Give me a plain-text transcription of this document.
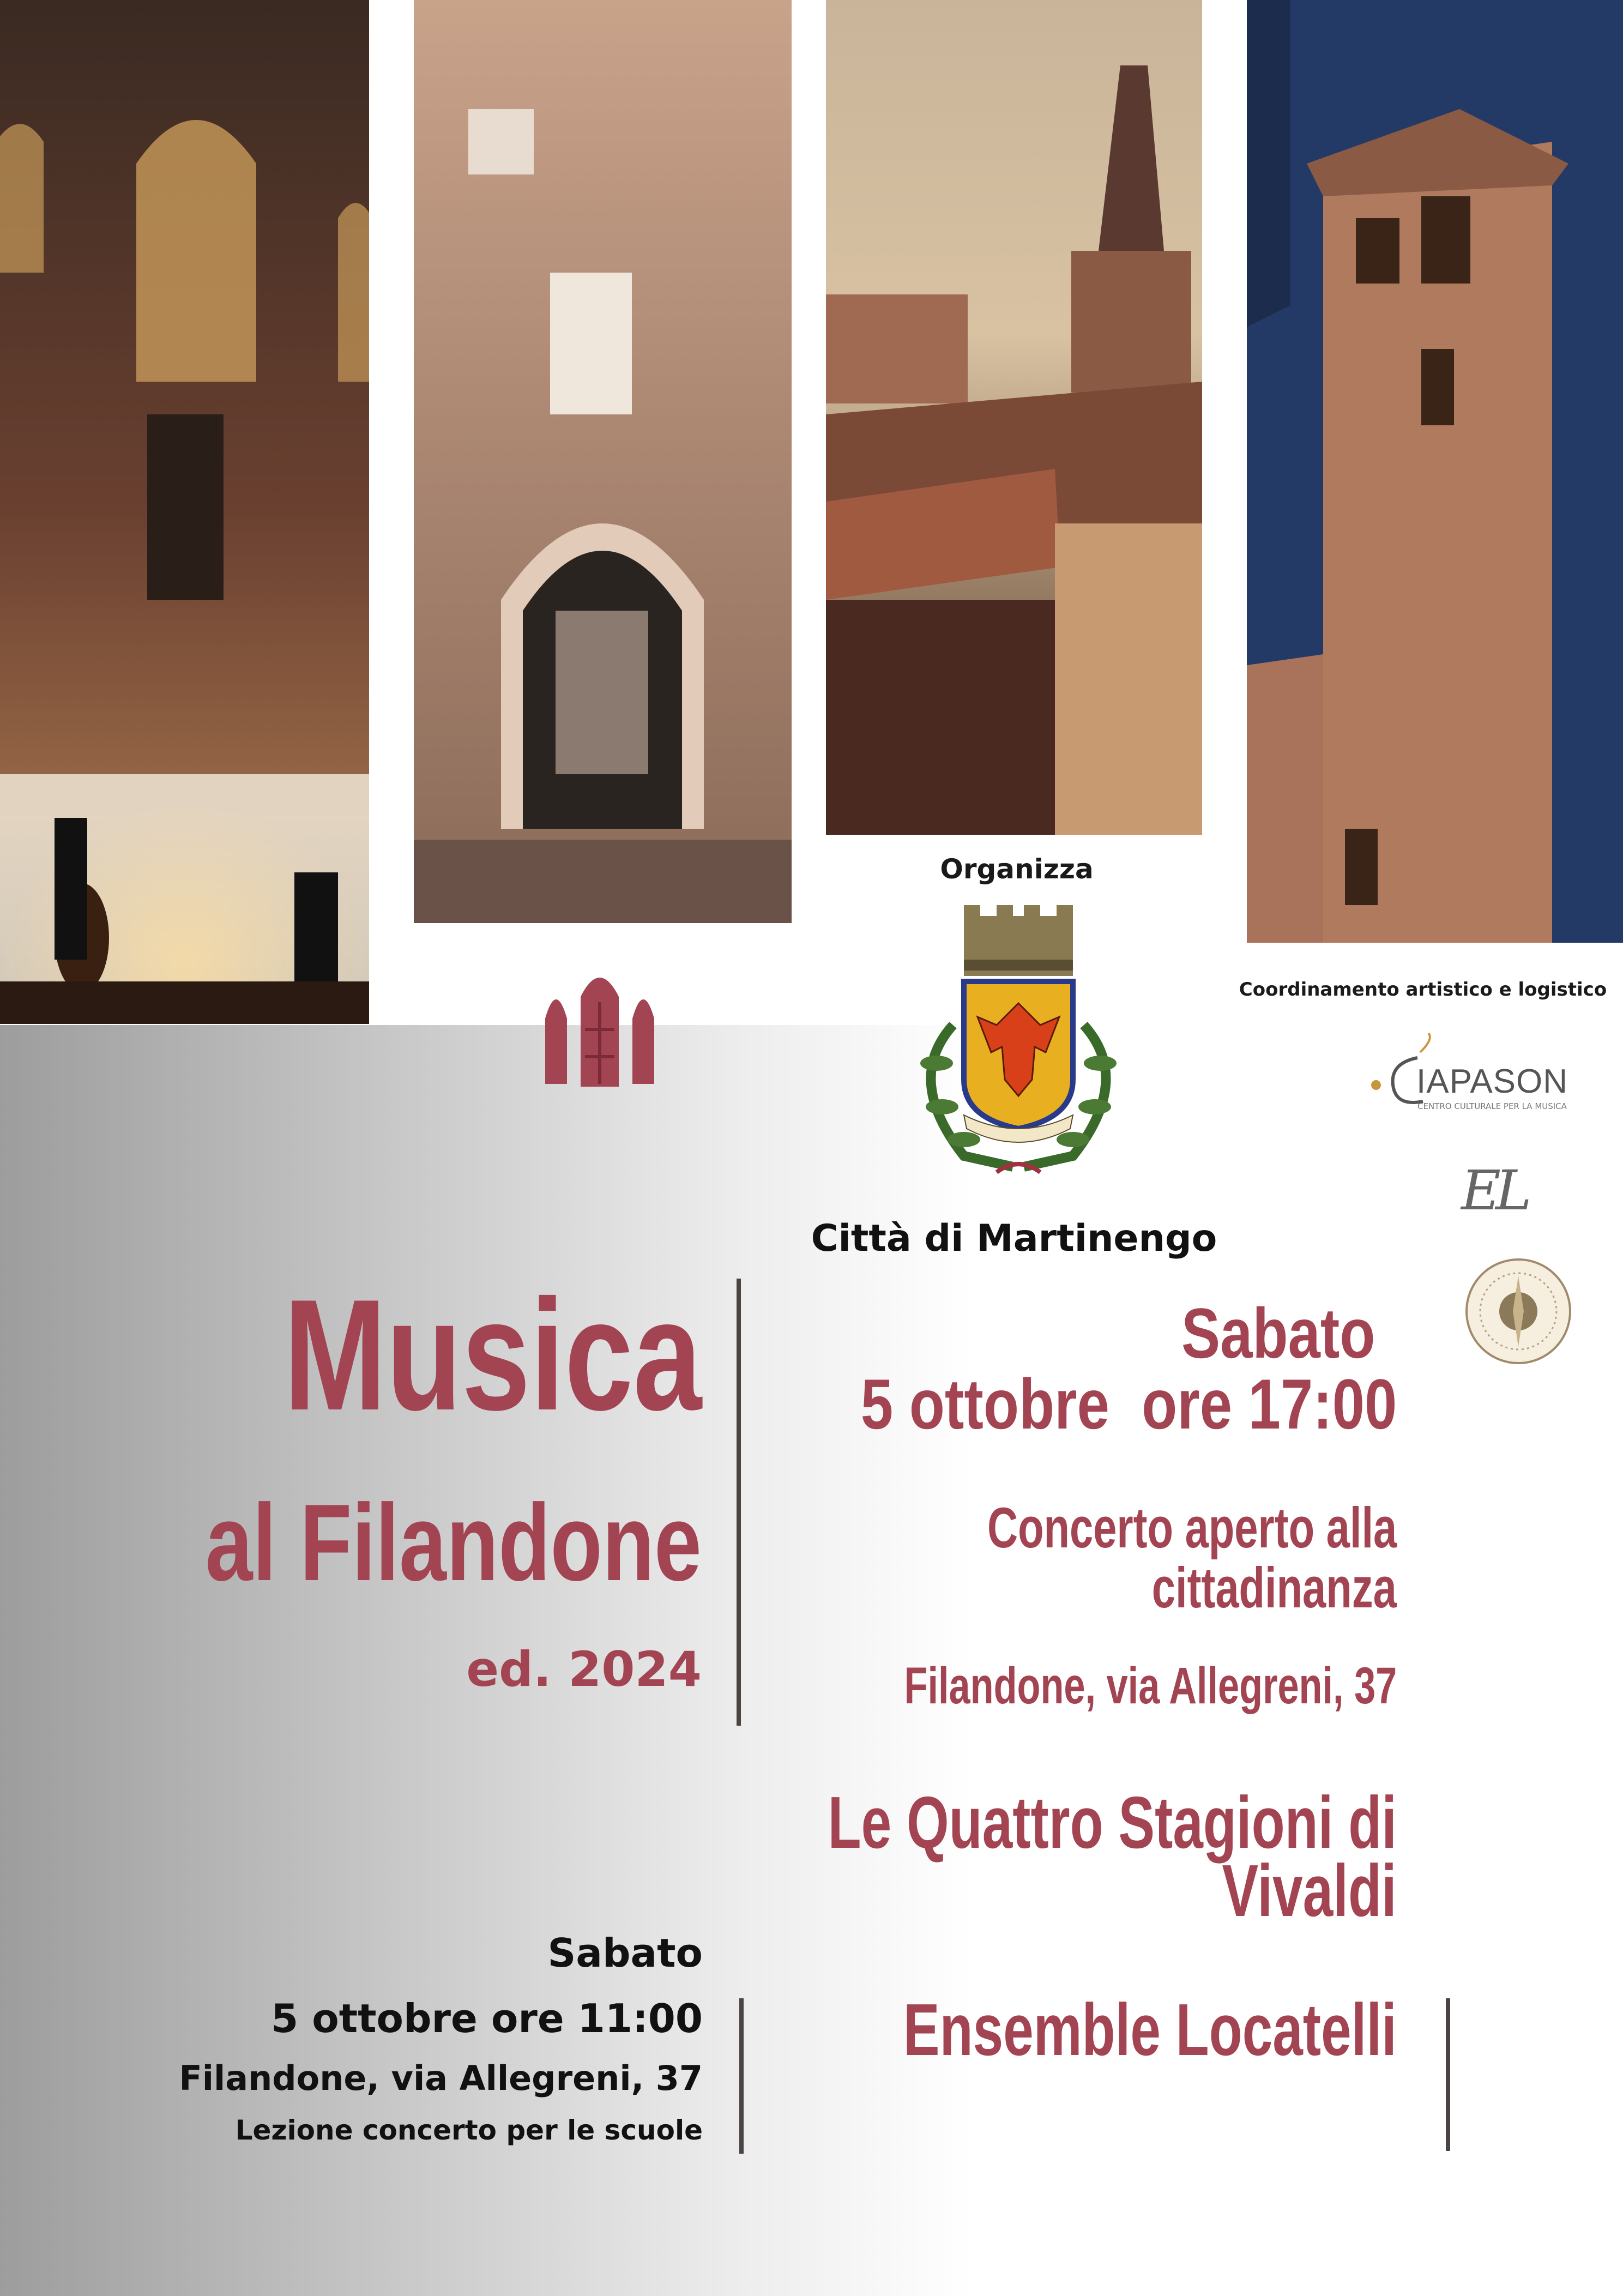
Organizza
Città di Martinengo
Coordinamento artistico e logistico
IAPASON
CENTRO CULTURALE PER LA MUSICA
EL
Musica
al Filandone
ed. 2024
Sabato
5 ottobre  ore 17:00
Concerto aperto alla
cittadinanza
Filandone, via Allegreni, 37
Le Quattro Stagioni di
Vivaldi
Ensemble Locatelli
Sabato
5 ottobre ore 11:00
Filandone, via Allegreni, 37
Lezione concerto per le scuole
